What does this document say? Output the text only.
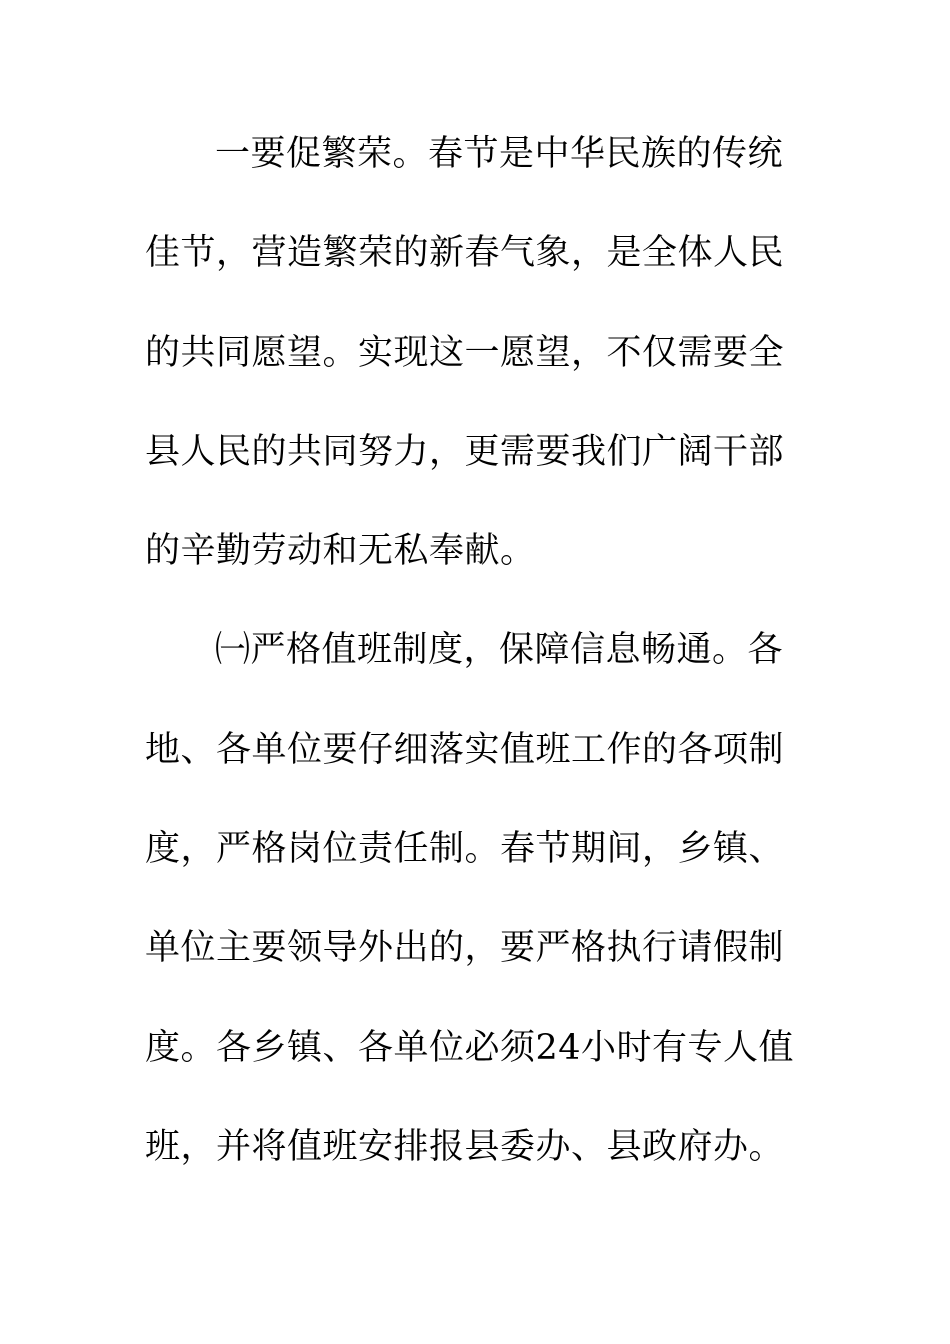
一要促繁荣。春节是中华民族的传统
佳节，营造繁荣的新春气象，是全体人民
的共同愿望。实现这一愿望，不仅需要全
县人民的共同努力，更需要我们广阔干部
的辛勤劳动和无私奉献。
㈠严格值班制度，保障信息畅通。各
地、各单位要仔细落实值班工作的各项制
度，严格岗位责任制。春节期间，乡镇、
单位主要领导外出的，要严格执行请假制
度。各乡镇、各单位必须24小时有专人值
班，并将值班安排报县委办、县政府办。
